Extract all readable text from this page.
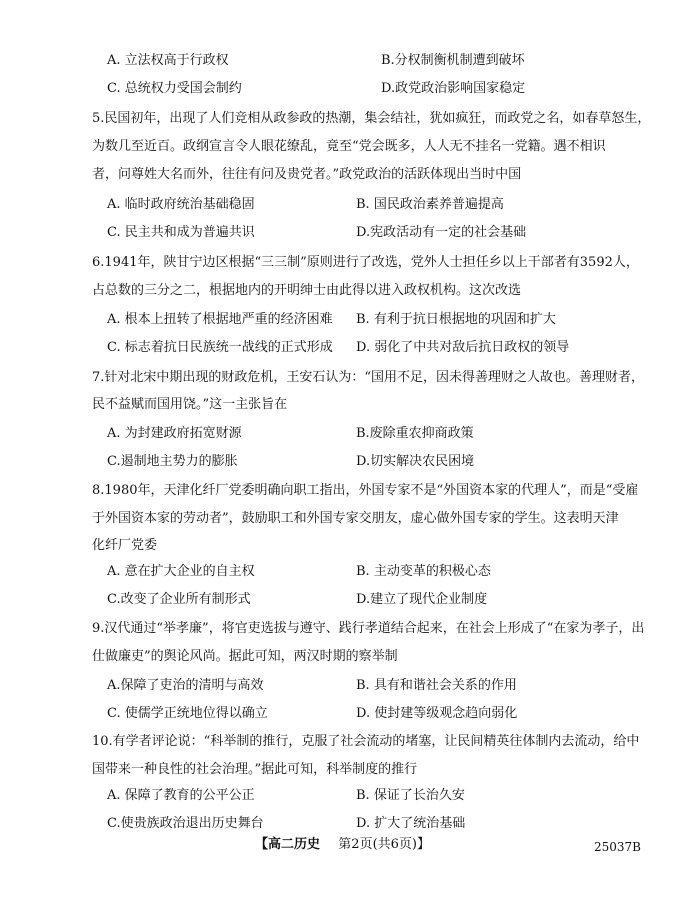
A. 立法权高于行政权	B.分权制衡机制遭到破坏
C. 总统权力受国会制约	D.政党政治影响国家稳定
5.民国初年，出现了人们竞相从政参政的热潮，集会结社，犹如疯狂，而政党之名，如春草怒生，
为数几至近百。政纲宣言令人眼花缭乱，竟至“党会既多，人人无不挂名一党籍。遇不相识
者，问尊姓大名而外，往往有问及贵党者。”政党政治的活跃体现出当时中国
A. 临时政府统治基础稳固	B. 国民政治素养普遍提高
C. 民主共和成为普遍共识	D.宪政活动有一定的社会基础
6.1941年，陕甘宁边区根据“三三制”原则进行了改选，党外人士担任乡以上干部者有3592人，
占总数的三分之二，根据地内的开明绅士由此得以进入政权机构。这次改选
A. 根本上扭转了根据地严重的经济困难 B. 有利于抗日根据地的巩固和扩大
C. 标志着抗日民族统一战线的正式形成 D. 弱化了中共对敌后抗日政权的领导
7.针对北宋中期出现的财政危机，王安石认为：“国用不足，因未得善理财之人故也。善理财者，
民不益赋而国用饶。”这一主张旨在
A. 为封建政府拓宽财源	B.废除重农抑商政策
C.遏制地主势力的膨胀	D.切实解决农民困境
8.1980年，天津化纤厂党委明确向职工指出，外国专家不是“外国资本家的代理人”，而是“受雇
于外国资本家的劳动者”，鼓励职工和外国专家交朋友，虚心做外国专家的学生。这表明天津
化纤厂党委
A. 意在扩大企业的自主权	B. 主动变革的积极心态
C.改变了企业所有制形式	D.建立了现代企业制度
9.汉代通过“举孝廉”，将官吏选拔与遵守、践行孝道结合起来，在社会上形成了“在家为孝子，出
仕做廉吏”的舆论风尚。据此可知，两汉时期的察举制
A.保障了吏治的清明与高效	B. 具有和谐社会关系的作用
C. 使儒学正统地位得以确立	D. 使封建等级观念趋向弱化
10.有学者评论说：“科举制的推行，克服了社会流动的堵塞，让民间精英往体制内去流动，给中
国带来一种良性的社会治理。”据此可知，科举制度的推行
A. 保障了教育的公平公正	B. 保证了长治久安
C.使贵族政治退出历史舞台	D. 扩大了统治基础
【高二历史 第2页(共6页)】	25037B
